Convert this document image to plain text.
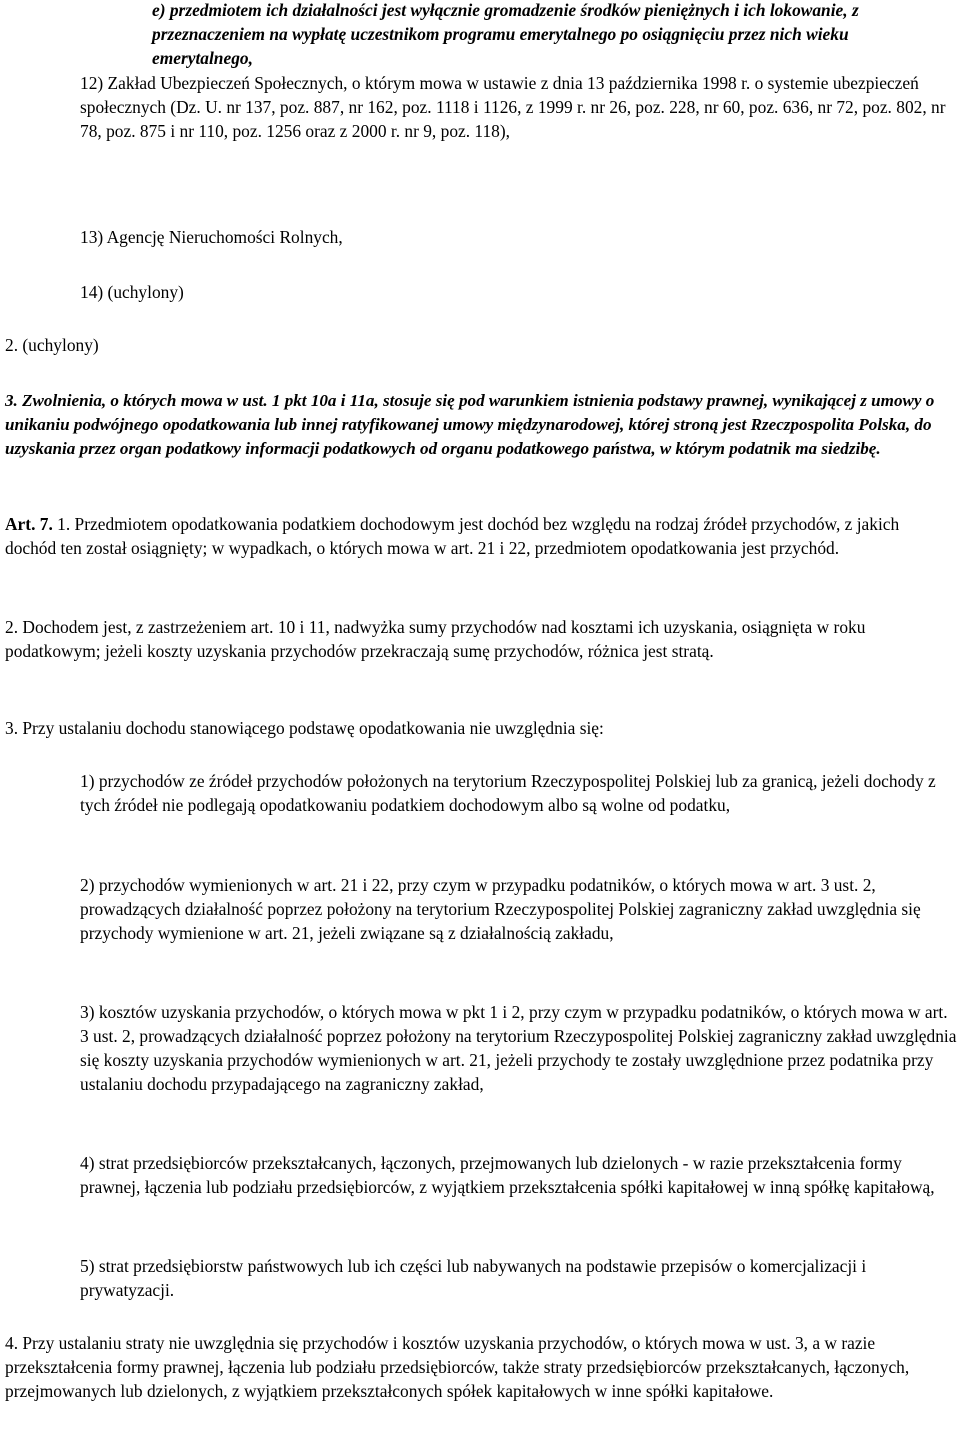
e) przedmiotem ich działalności jest wyłącznie gromadzenie środków pieniężnych i ich lokowanie, z przeznaczeniem na wypłatę uczestnikom programu emerytalnego po osiągnięciu przez nich wieku emerytalnego,

12) Zakład Ubezpieczeń Społecznych, o którym mowa w ustawie z dnia 13 października 1998 r. o systemie ubezpieczeń społecznych (Dz. U. nr 137, poz. 887, nr 162, poz. 1118 i 1126, z 1999 r. nr 26, poz. 228, nr 60, poz. 636, nr 72, poz. 802, nr 78, poz. 875 i nr 110, poz. 1256 oraz z 2000 r. nr 9, poz. 118),

13) Agencję Nieruchomości Rolnych,

14) (uchylony)

2. (uchylony)

3. Zwolnienia, o których mowa w ust. 1 pkt 10a i 11a, stosuje się pod warunkiem istnienia podstawy prawnej, wynikającej z umowy o unikaniu podwójnego opodatkowania lub innej ratyfikowanej umowy międzynarodowej, której stroną jest Rzeczpospolita Polska, do uzyskania przez organ podatkowy informacji podatkowych od organu podatkowego państwa, w którym podatnik ma siedzibę.

Art. 7. 1. Przedmiotem opodatkowania podatkiem dochodowym jest dochód bez względu na rodzaj źródeł przychodów, z jakich dochód ten został osiągnięty; w wypadkach, o których mowa w art. 21 i 22, przedmiotem opodatkowania jest przychód.

2. Dochodem jest, z zastrzeżeniem art. 10 i 11, nadwyżka sumy przychodów nad kosztami ich uzyskania, osiągnięta w roku podatkowym; jeżeli koszty uzyskania przychodów przekraczają sumę przychodów, różnica jest stratą.

3. Przy ustalaniu dochodu stanowiącego podstawę opodatkowania nie uwzględnia się:

1) przychodów ze źródeł przychodów położonych na terytorium Rzeczypospolitej Polskiej lub za granicą, jeżeli dochody z tych źródeł nie podlegają opodatkowaniu podatkiem dochodowym albo są wolne od podatku,

2) przychodów wymienionych w art. 21 i 22, przy czym w przypadku podatników, o których mowa w art. 3 ust. 2, prowadzących działalność poprzez położony na terytorium Rzeczypospolitej Polskiej zagraniczny zakład uwzględnia się przychody wymienione w art. 21, jeżeli związane są z działalnością zakładu,

3) kosztów uzyskania przychodów, o których mowa w pkt 1 i 2, przy czym w przypadku podatników, o których mowa w art. 3 ust. 2, prowadzących działalność poprzez położony na terytorium Rzeczypospolitej Polskiej zagraniczny zakład uwzględnia się koszty uzyskania przychodów wymienionych w art. 21, jeżeli przychody te zostały uwzględnione przez podatnika przy ustalaniu dochodu przypadającego na zagraniczny zakład,

4) strat przedsiębiorców przekształcanych, łączonych, przejmowanych lub dzielonych - w razie przekształcenia formy prawnej, łączenia lub podziału przedsiębiorców, z wyjątkiem przekształcenia spółki kapitałowej w inną spółkę kapitałową,

5) strat przedsiębiorstw państwowych lub ich części lub nabywanych na podstawie przepisów o komercjalizacji i prywatyzacji.

4. Przy ustalaniu straty nie uwzględnia się przychodów i kosztów uzyskania przychodów, o których mowa w ust. 3, a w razie przekształcenia formy prawnej, łączenia lub podziału przedsiębiorców, także straty przedsiębiorców przekształcanych, łączonych, przejmowanych lub dzielonych, z wyjątkiem przekształconych spółek kapitałowych w inne spółki kapitałowe.
